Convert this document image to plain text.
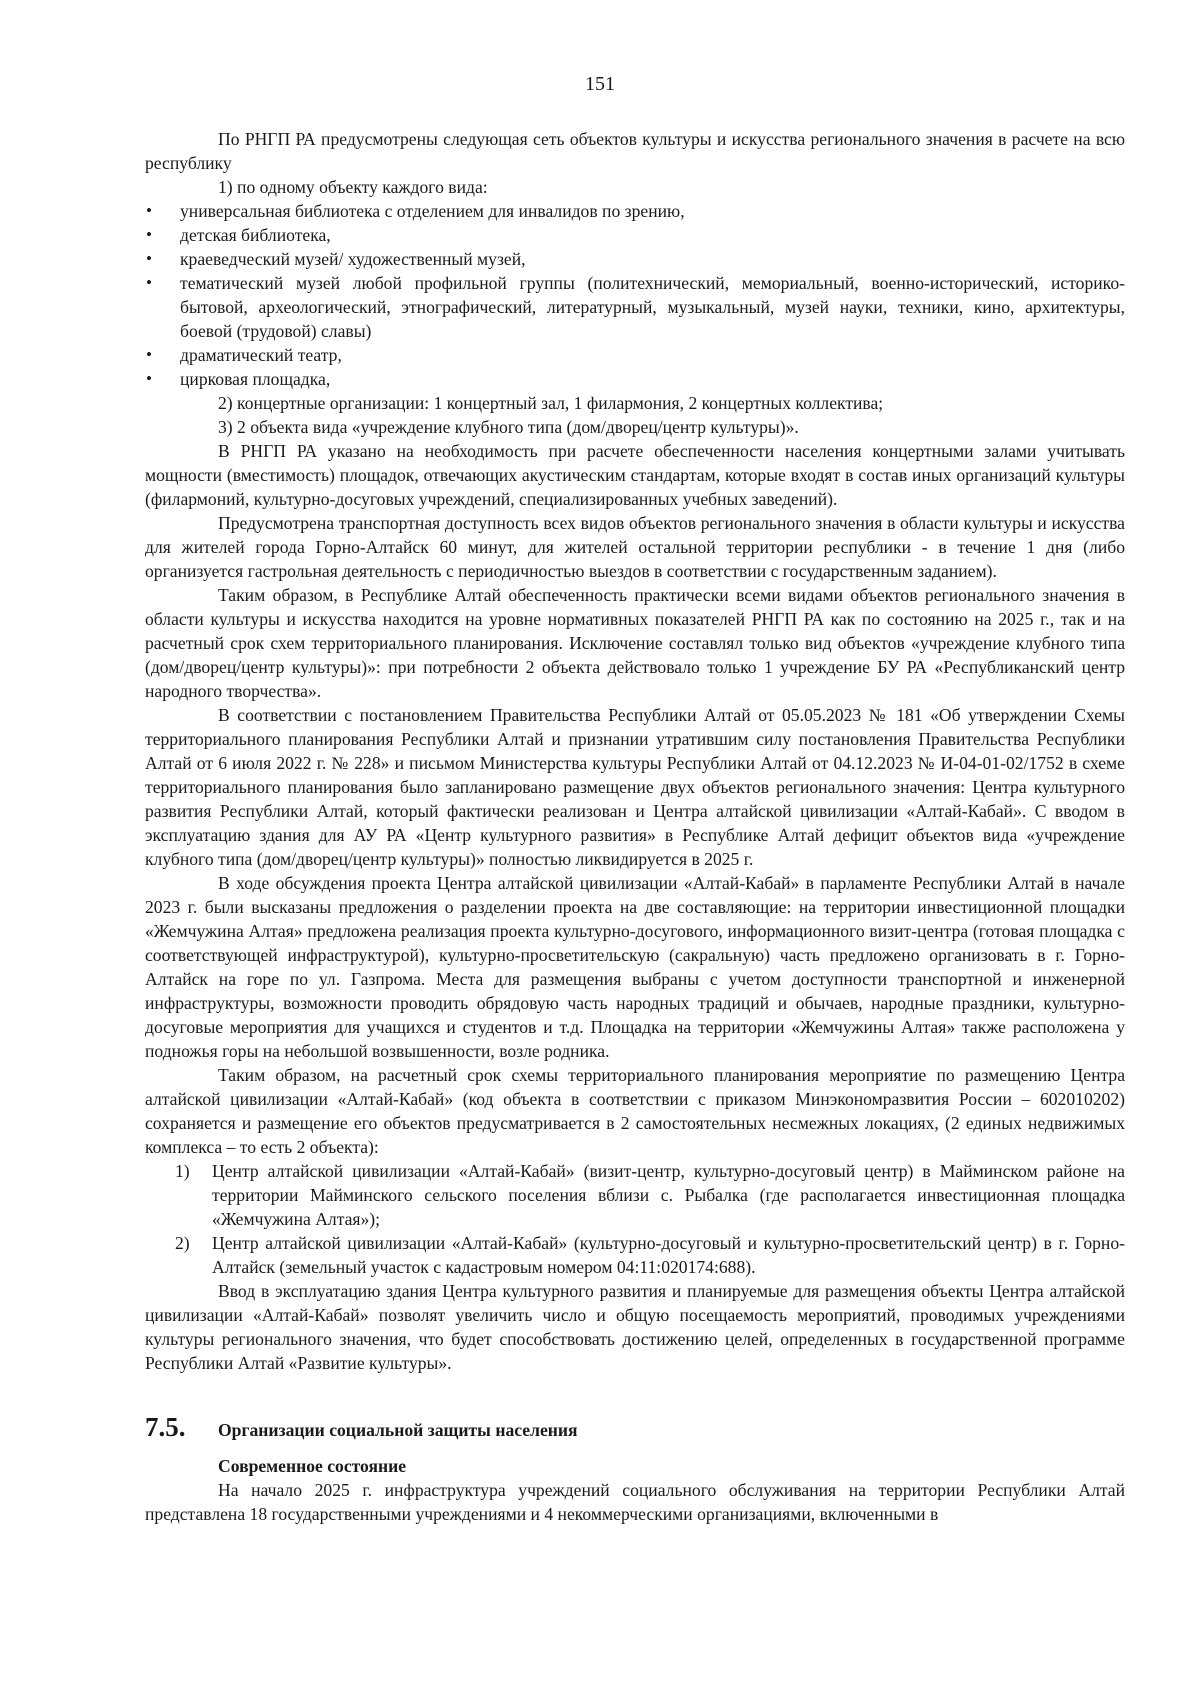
151

По РНГП РА предусмотрены следующая сеть объектов культуры и искусства регионального значения в расчете на всю республику

1) по одному объекту каждого вида:

• универсальная библиотека с отделением для инвалидов по зрению,
• детская библиотека,
• краеведческий музей/ художественный музей,
• тематический музей любой профильной группы (политехнический, мемориальный, военно-исторический, историко-бытовой, археологический, этнографический, литературный, музыкальный, музей науки, техники, кино, архитектуры, боевой (трудовой) славы)
• драматический театр,
• цирковая площадка,

2) концертные организации: 1 концертный зал, 1 филармония, 2 концертных коллектива;

3) 2 объекта вида «учреждение клубного типа (дом/дворец/центр культуры)».

В РНГП РА указано на необходимость при расчете обеспеченности населения концертными залами учитывать мощности (вместимость) площадок, отвечающих акустическим стандартам, которые входят в состав иных организаций культуры (филармоний, культурно-досуговых учреждений, специализированных учебных заведений).

Предусмотрена транспортная доступность всех видов объектов регионального значения в области культуры и искусства для жителей города Горно-Алтайск 60 минут, для жителей остальной территории республики - в течение 1 дня (либо организуется гастрольная деятельность с периодичностью выездов в соответствии с государственным заданием).

Таким образом, в Республике Алтай обеспеченность практически всеми видами объектов регионального значения в области культуры и искусства находится на уровне нормативных показателей РНГП РА как по состоянию на 2025 г., так и на расчетный срок схем территориального планирования. Исключение составлял только вид объектов «учреждение клубного типа (дом/дворец/центр культуры)»: при потребности 2 объекта действовало только 1 учреждение БУ РА «Республиканский центр народного творчества».

В соответствии с постановлением Правительства Республики Алтай от 05.05.2023 № 181 «Об утверждении Схемы территориального планирования Республики Алтай и признании утратившим силу постановления Правительства Республики Алтай от 6 июля 2022 г. № 228» и письмом Министерства культуры Республики Алтай от 04.12.2023 № И-04-01-02/1752 в схеме территориального планирования было запланировано размещение двух объектов регионального значения: Центра культурного развития Республики Алтай, который фактически реализован и Центра алтайской цивилизации «Алтай-Кабай». С вводом в эксплуатацию здания для АУ РА «Центр культурного развития» в Республике Алтай дефицит объектов вида «учреждение клубного типа (дом/дворец/центр культуры)» полностью ликвидируется в 2025 г.

В ходе обсуждения проекта Центра алтайской цивилизации «Алтай-Кабай» в парламенте Республики Алтай в начале 2023 г. были высказаны предложения о разделении проекта на две составляющие: на территории инвестиционной площадки «Жемчужина Алтая» предложена реализация проекта культурно-досугового, информационного визит-центра (готовая площадка с соответствующей инфраструктурой), культурно-просветительскую (сакральную) часть предложено организовать в г. Горно-Алтайск на горе по ул. Газпрома. Места для размещения выбраны с учетом доступности транспортной и инженерной инфраструктуры, возможности проводить обрядовую часть народных традиций и обычаев, народные праздники, культурно-досуговые мероприятия для учащихся и студентов и т.д. Площадка на территории «Жемчужины Алтая» также расположена у подножья горы на небольшой возвышенности, возле родника.

Таким образом, на расчетный срок схемы территориального планирования мероприятие по размещению Центра алтайской цивилизации «Алтай-Кабай» (код объекта в соответствии с приказом Минэкономразвития России – 602010202) сохраняется и размещение его объектов предусматривается в 2 самостоятельных несмежных локациях, (2 единых недвижимых комплекса – то есть 2 объекта):

1) Центр алтайской цивилизации «Алтай-Кабай» (визит-центр, культурно-досуговый центр) в Майминском районе на территории Майминского сельского поселения вблизи с. Рыбалка (где располагается инвестиционная площадка «Жемчужина Алтая»);
2) Центр алтайской цивилизации «Алтай-Кабай» (культурно-досуговый и культурно-просветительский центр) в г. Горно-Алтайск (земельный участок с кадастровым номером 04:11:020174:688).

Ввод в эксплуатацию здания Центра культурного развития и планируемые для размещения объекты Центра алтайской цивилизации «Алтай-Кабай» позволят увеличить число и общую посещаемость мероприятий, проводимых учреждениями культуры регионального значения, что будет способствовать достижению целей, определенных в государственной программе Республики Алтай «Развитие культуры».

7.5.	Организации социальной защиты населения
Современное состояние

На начало 2025 г. инфраструктура учреждений социального обслуживания на территории Республики Алтай представлена 18 государственными учреждениями и 4 некоммерческими организациями, включенными в
